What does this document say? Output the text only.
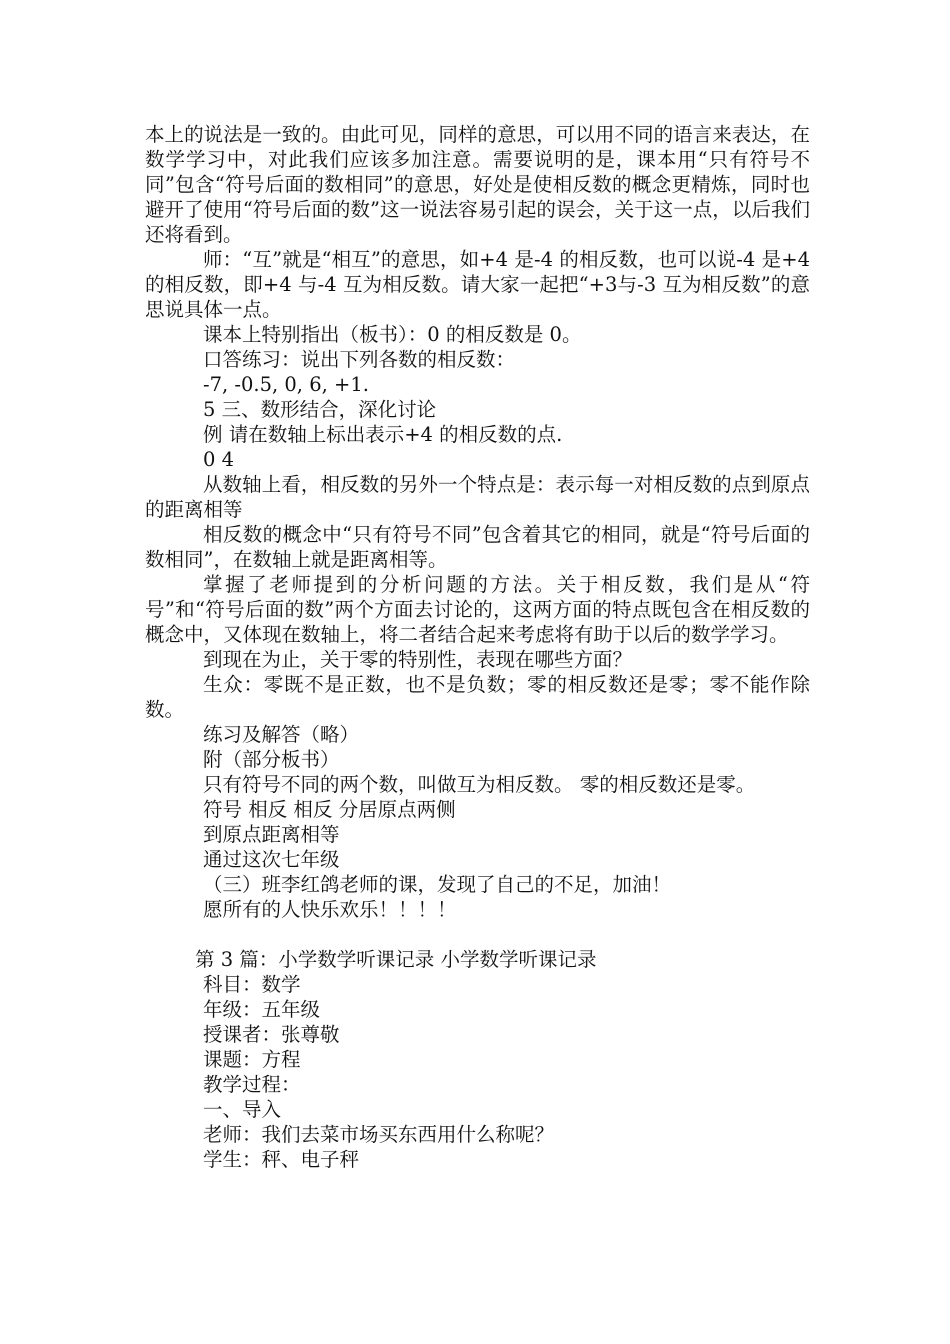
本上的说法是一致的。由此可见，同样的意思，可以用不同的语言来表达，在数学学习中，对此我们应该多加注意。需要说明的是，课本用“只有符号不同”包含“符号后面的数相同”的意思，好处是使相反数的概念更精炼，同时也避开了使用“符号后面的数”这一说法容易引起的误会，关于这一点，以后我们还将看到。

师：“互”就是“相互”的意思，如+4 是-4 的相反数，也可以说-4 是+4 的相反数，即+4 与-4 互为相反数。请大家一起把“+3与-3 互为相反数”的意思说具体一点。

课本上特别指出（板书）：0 的相反数是 0。

口答练习：说出下列各数的相反数：

-7, -0.5, 0, 6, +1.

5 三、数形结合，深化讨论

例 请在数轴上标出表示+4 的相反数的点.

0 4

从数轴上看，相反数的另外一个特点是：表示每一对相反数的点到原点的距离相等

相反数的概念中“只有符号不同”包含着其它的相同，就是“符号后面的数相同”，在数轴上就是距离相等。

掌握了老师提到的分析问题的方法。关于相反数，我们是从“符号”和“符号后面的数”两个方面去讨论的，这两方面的特点既包含在相反数的概念中，又体现在数轴上，将二者结合起来考虑将有助于以后的数学学习。

到现在为止，关于零的特别性，表现在哪些方面？

生众：零既不是正数，也不是负数；零的相反数还是零；零不能作除数。

练习及解答（略）

附（部分板书）

只有符号不同的两个数，叫做互为相反数。 零的相反数还是零。

符号 相反 相反 分居原点两侧

到原点距离相等

通过这次七年级

（三）班李红鸽老师的课，发现了自己的不足，加油！

愿所有的人快乐欢乐！！！！

第 3 篇：小学数学听课记录 小学数学听课记录

科目：数学

年级：五年级

授课者：张尊敬

课题：方程

教学过程：

一、导入

老师：我们去菜市场买东西用什么称呢？

学生：秤、电子秤
